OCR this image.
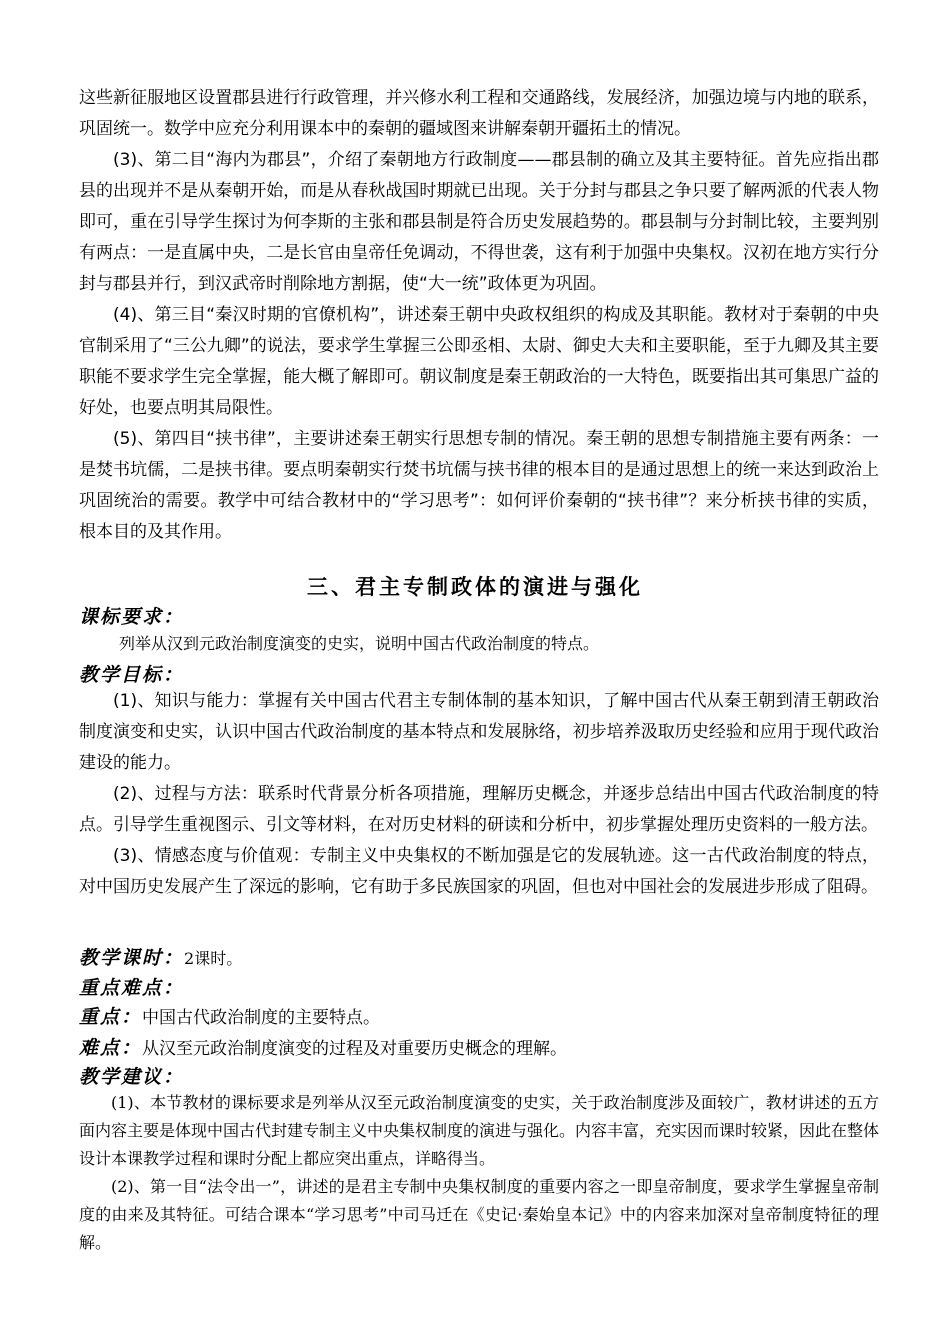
这些新征服地区设置郡县进行行政管理，并兴修水利工程和交通路线，发展经济，加强边境与内地的联系，巩固统一。数学中应充分利用课本中的秦朝的疆域图来讲解秦朝开疆拓土的情况。

(3)、第二目“海内为郡县”，介绍了秦朝地方行政制度——郡县制的确立及其主要特征。首先应指出郡县的出现并不是从秦朝开始，而是从春秋战国时期就已出现。关于分封与郡县之争只要了解两派的代表人物即可，重在引导学生探讨为何李斯的主张和郡县制是符合历史发展趋势的。郡县制与分封制比较，主要判别有两点：一是直属中央，二是长官由皇帝任免调动，不得世袭，这有利于加强中央集权。汉初在地方实行分封与郡县并行，到汉武帝时削除地方割据，使“大一统”政体更为巩固。

(4)、第三目“秦汉时期的官僚机构”，讲述秦王朝中央政权组织的构成及其职能。教材对于秦朝的中央官制采用了“三公九卿”的说法，要求学生掌握三公即丞相、太尉、御史大夫和主要职能，至于九卿及其主要职能不要求学生完全掌握，能大概了解即可。朝议制度是秦王朝政治的一大特色，既要指出其可集思广益的好处，也要点明其局限性。

(5)、第四目“挟书律”，主要讲述秦王朝实行思想专制的情况。秦王朝的思想专制措施主要有两条：一是焚书坑儒，二是挟书律。要点明秦朝实行焚书坑儒与挟书律的根本目的是通过思想上的统一来达到政治上巩固统治的需要。教学中可结合教材中的“学习思考”：如何评价秦朝的“挟书律”？来分析挟书律的实质，根本目的及其作用。

三、君主专制政体的演进与强化
课标要求：
列举从汉到元政治制度演变的史实，说明中国古代政治制度的特点。
教学目标：

(1)、知识与能力：掌握有关中国古代君主专制体制的基本知识，了解中国古代从秦王朝到清王朝政治制度演变和史实，认识中国古代政治制度的基本特点和发展脉络，初步培养汲取历史经验和应用于现代政治建设的能力。

(2)、过程与方法：联系时代背景分析各项措施，理解历史概念，并逐步总结出中国古代政治制度的特点。引导学生重视图示、引文等材料，在对历史材料的研读和分析中，初步掌握处理历史资料的一般方法。

(3)、情感态度与价值观：专制主义中央集权的不断加强是它的发展轨迹。这一古代政治制度的特点，对中国历史发展产生了深远的影响，它有助于多民族国家的巩固，但也对中国社会的发展进步形成了阻碍。

教学课时：2课时。
重点难点：
重点：中国古代政治制度的主要特点。
难点：从汉至元政治制度演变的过程及对重要历史概念的理解。
教学建议：

(1)、本节教材的课标要求是列举从汉至元政治制度演变的史实，关于政治制度涉及面较广，教材讲述的五方面内容主要是体现中国古代封建专制主义中央集权制度的演进与强化。内容丰富，充实因而课时较紧，因此在整体设计本课教学过程和课时分配上都应突出重点，详略得当。

(2)、第一目“法令出一”，讲述的是君主专制中央集权制度的重要内容之一即皇帝制度，要求学生掌握皇帝制度的由来及其特征。可结合课本“学习思考”中司马迁在《史记·秦始皇本记》中的内容来加深对皇帝制度特征的理解。
